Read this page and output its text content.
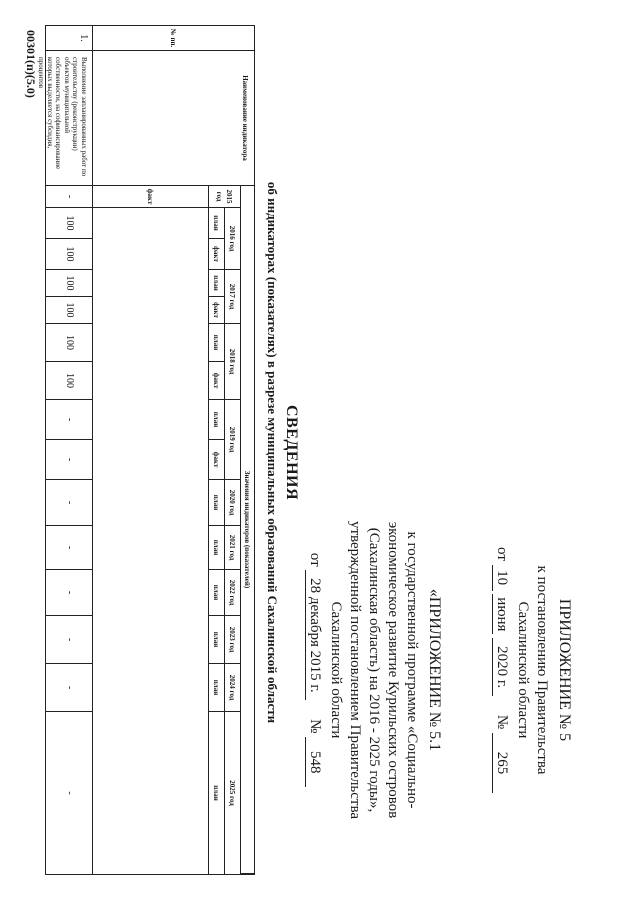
ПРИЛОЖЕНИЕ № 5
к постановлению Правительства
Сахалинской области
от 10 июня 2020 г.     № 265
«ПРИЛОЖЕНИЕ № 5.1
к государственной программе «Социально-
экономическое развитие Курильских островов
(Сахалинская область) на 2016 - 2025 годы»,
утвержденной постановлением Правительства
Сахалинской области
от 28 декабря 2015 г.     № 548
СВЕДЕНИЯ
об индикаторах (показателях) в разрезе муниципальных образований Сахалинской области
№ пп.
Наименование индикатора
Значения индикаторов (показателей)
2015 год
2016 год
2017 год
2018 год
2019 год
2020 год
2021 год
2022 год
2023 год
2024 год
2025 год
план
факт
план
факт
план
факт
план
факт
план
план
план
план
план
план
факт
1.
Выполнение запланированных работ по строительству (реконструкции) объектов муниципальной собственности, на софинансирование которых выделяется субсидия, процентов
-
100
100
100
100
100
100
-
-
-
-
-
-
-
-
00301(п)(5.0)
